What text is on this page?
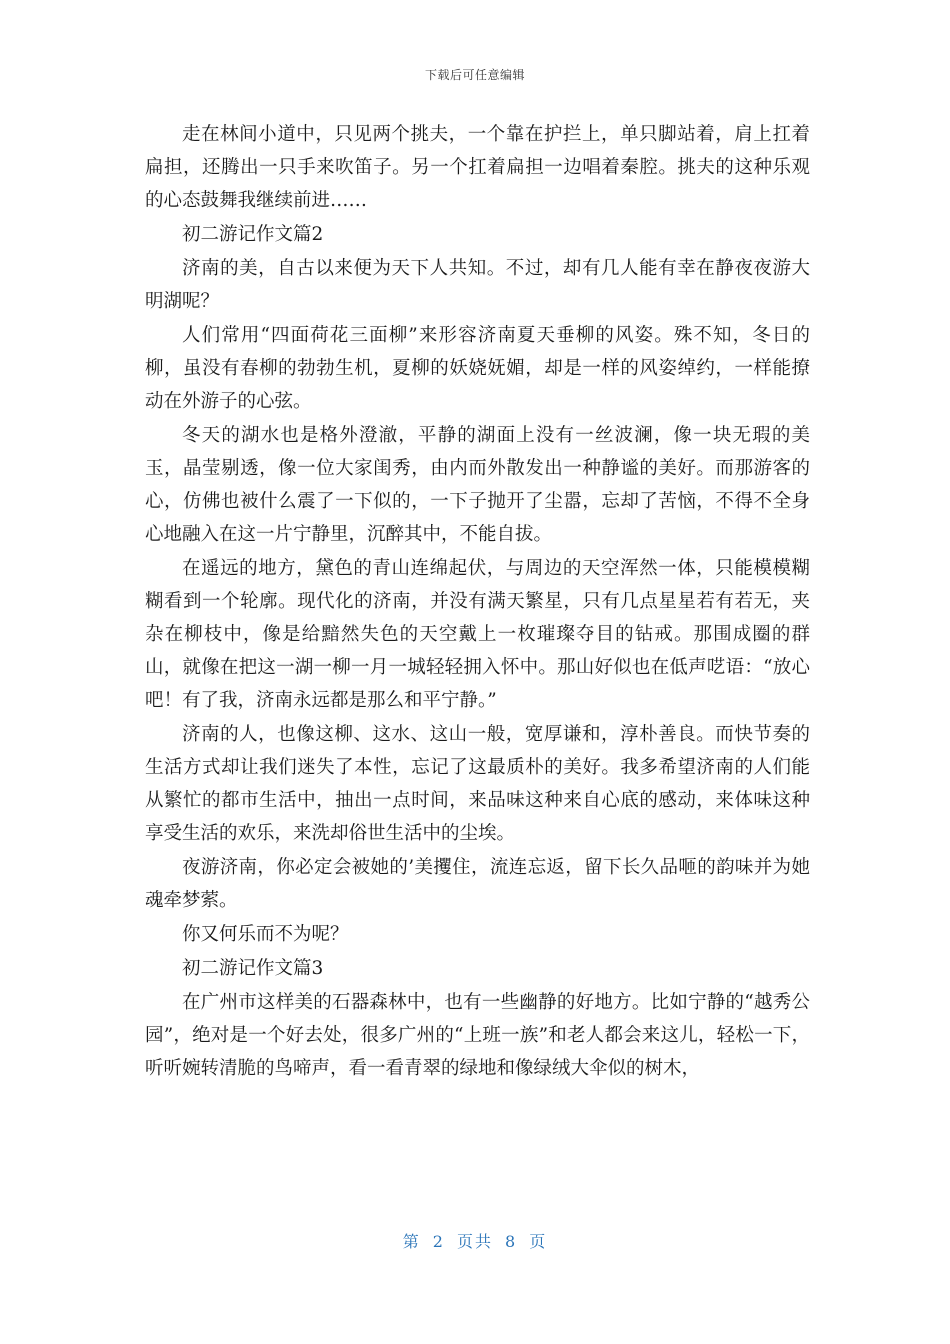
下载后可任意编辑

走在林间小道中，只见两个挑夫，一个靠在护拦上，单只脚站着，肩上扛着扁担，还腾出一只手来吹笛子。另一个扛着扁担一边唱着秦腔。挑夫的这种乐观的心态鼓舞我继续前进……

初二游记作文篇2

济南的美，自古以来便为天下人共知。不过，却有几人能有幸在静夜夜游大明湖呢？

人们常用“四面荷花三面柳”来形容济南夏天垂柳的风姿。殊不知，冬日的柳，虽没有春柳的勃勃生机，夏柳的妖娆妩媚，却是一样的风姿绰约，一样能撩动在外游子的心弦。

冬天的湖水也是格外澄澈，平静的湖面上没有一丝波澜，像一块无瑕的美玉，晶莹剔透，像一位大家闺秀，由内而外散发出一种静谧的美好。而那游客的心，仿佛也被什么震了一下似的，一下子抛开了尘嚣，忘却了苦恼，不得不全身心地融入在这一片宁静里，沉醉其中，不能自拔。

在遥远的地方，黛色的青山连绵起伏，与周边的天空浑然一体，只能模模糊糊看到一个轮廓。现代化的济南，并没有满天繁星，只有几点星星若有若无，夹杂在柳枝中，像是给黯然失色的天空戴上一枚璀璨夺目的钻戒。那围成圈的群山，就像在把这一湖一柳一月一城轻轻拥入怀中。那山好似也在低声呓语：“放心吧！有了我，济南永远都是那么和平宁静。”

济南的人，也像这柳、这水、这山一般，宽厚谦和，淳朴善良。而快节奏的生活方式却让我们迷失了本性，忘记了这最质朴的美好。我多希望济南的人们能从繁忙的都市生活中，抽出一点时间，来品味这种来自心底的感动，来体味这种享受生活的欢乐，来洗却俗世生活中的尘埃。

夜游济南，你必定会被她的’美攫住，流连忘返，留下长久品咂的韵味并为她魂牵梦萦。

你又何乐而不为呢？

初二游记作文篇3

在广州市这样美的石器森林中，也有一些幽静的好地方。比如宁静的“越秀公园”，绝对是一个好去处，很多广州的“上班一族”和老人都会来这儿，轻松一下，听听婉转清脆的鸟啼声，看一看青翠的绿地和像绿绒大伞似的树木，

第 2 页共 8 页
